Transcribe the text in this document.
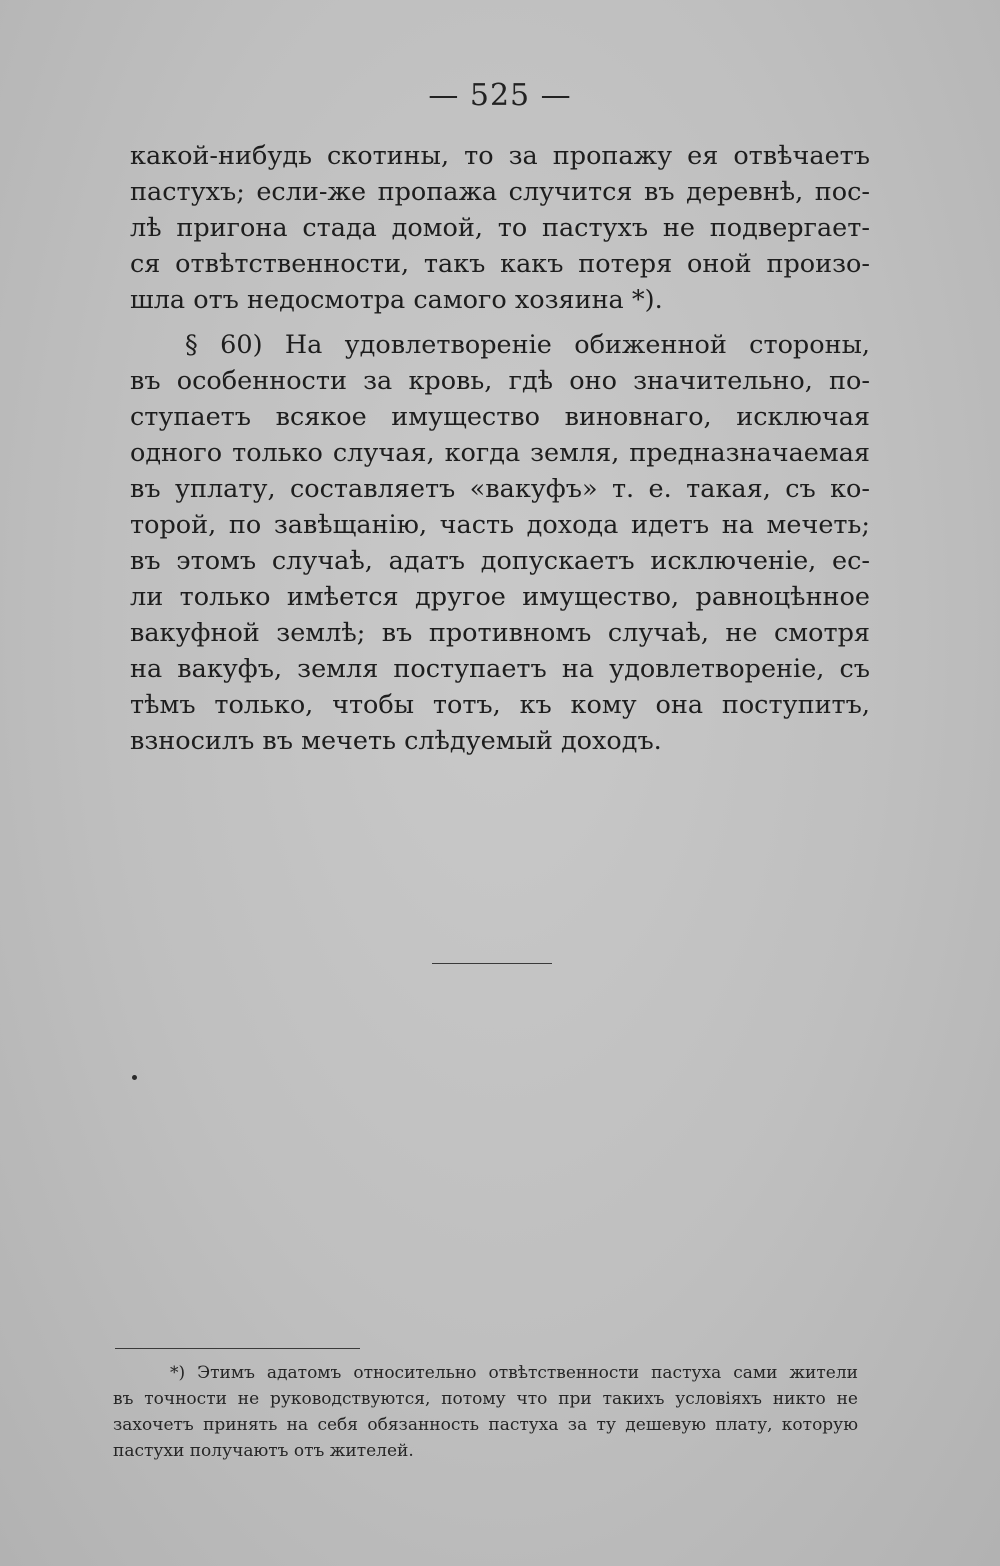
— 525 —
какой-нибудь скотины, то за пропажу ея отвѣчаетъ
пастухъ; если-же пропажа случится въ деревнѣ, пос-
лѣ пригона стада домой, то пастухъ не подвергает-
ся отвѣтственности, такъ какъ потеря оной произо-
шла отъ недосмотра самого хозяина *).
§ 60) На удовлетвореніе обиженной стороны,
въ особенности за кровь, гдѣ оно значительно, по-
ступаетъ всякое имущество виновнаго, исключая
одного только случая, когда земля, предназначаемая
въ уплату, составляетъ «вакуфъ» т. е. такая, съ ко-
торой, по завѣщанію, часть дохода идетъ на мечеть;
въ этомъ случаѣ, адатъ допускаетъ исключеніе, ес-
ли только имѣется другое имущество, равноцѣнное
вакуфной землѣ; въ противномъ случаѣ, не смотря
на вакуфъ, земля поступаетъ на удовлетвореніе, съ
тѣмъ только, чтобы тотъ, къ кому она поступитъ,
взносилъ въ мечеть слѣдуемый доходъ.
*) Этимъ адатомъ относительно отвѣтственности пастуха сами жители
въ точности не руководствуются, потому что при такихъ условіяхъ никто не
захочетъ принять на себя обязанность пастуха за ту дешевую плату, которую
пастухи получаютъ отъ жителей.
